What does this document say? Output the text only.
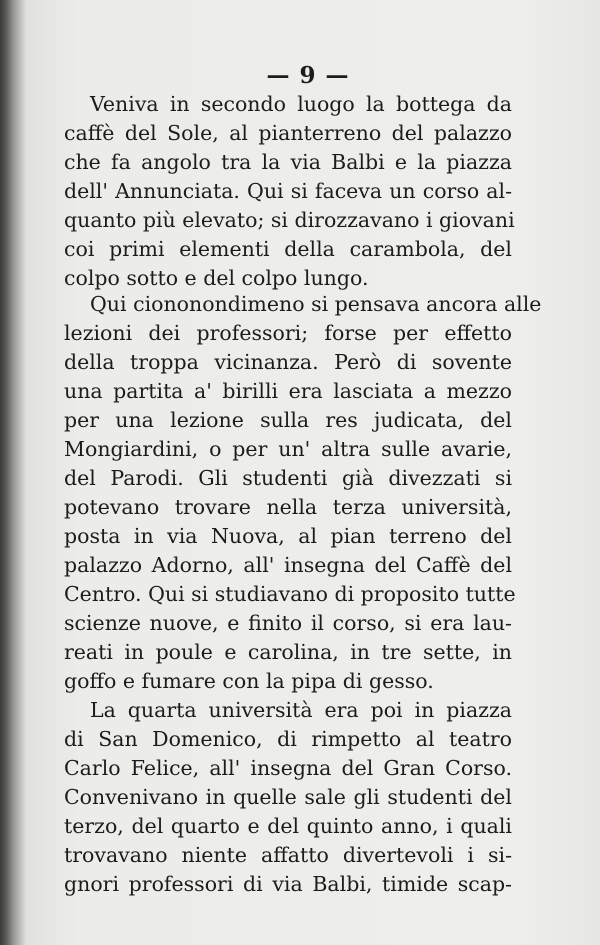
— 9 —
Veniva in secondo luogo la bottega da
caffè del Sole, al pianterreno del palazzo
che fa angolo tra la via Balbi e la piazza
dell' Annunciata. Qui si faceva un corso al-
quanto più elevato; si dirozzavano i giovani
coi primi elementi della carambola, del
colpo sotto e del colpo lungo.
Qui ciononondimeno si pensava ancora alle
lezioni dei professori; forse per effetto
della troppa vicinanza. Però di sovente
una partita a' birilli era lasciata a mezzo
per una lezione sulla res judicata, del
Mongiardini, o per un' altra sulle avarie,
del Parodi. Gli studenti già divezzati si
potevano trovare nella terza università,
posta in via Nuova, al pian terreno del
palazzo Adorno, all' insegna del Caffè del
Centro. Qui si studiavano di proposito tutte
scienze nuove, e finito il corso, si era lau-
reati in poule e carolina, in tre sette, in
goffo e fumare con la pipa di gesso.
La quarta università era poi in piazza
di San Domenico, di rimpetto al teatro
Carlo Felice, all' insegna del Gran Corso.
Convenivano in quelle sale gli studenti del
terzo, del quarto e del quinto anno, i quali
trovavano niente affatto divertevoli i si-
gnori professori di via Balbi, timide scap-
